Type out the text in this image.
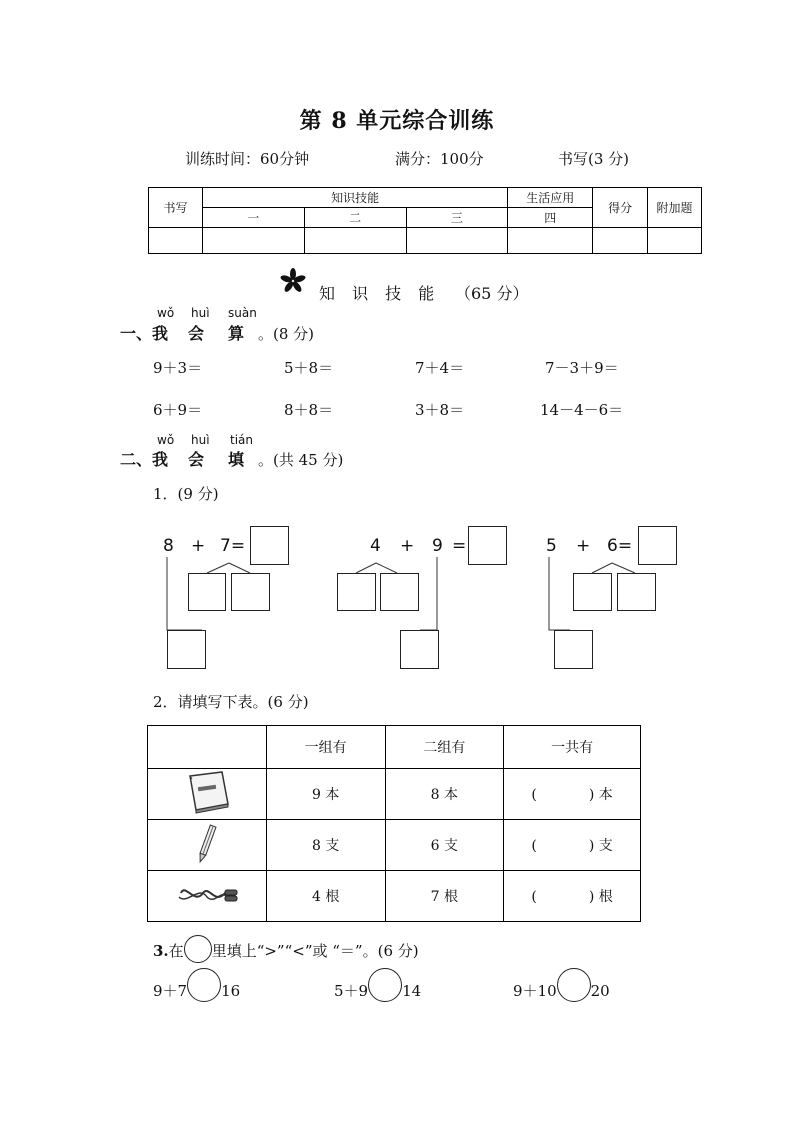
第 8 单元综合训练
训练时间：60分钟	满分：100分	书写(3 分)
书写	知识技能			生活应用	得分	附加题
	一	二	三	四		

知 识 技 能 （65 分）
wǒ huì suàn
一、我 会 算 。(8 分)
9＋3＝	5＋8＝	7＋4＝	7－3＋9＝
6＋9＝	8＋8＝	3＋8＝	14－4－6＝
wǒ huì tián
二、我 会 填 。(共 45 分)
1．(9 分)
8 + 7=	4 + 9 =	5 + 6=
2．请填写下表。(6 分)
	一组有	二组有	一共有
	9 本	8 本	( ) 本
	8 支	6 支	( ) 支
	4 根	7 根	( ) 根
3.在 里填上“>”“<”或 “＝”。(6 分)
9＋7 16	5＋9 14	9＋10 20
